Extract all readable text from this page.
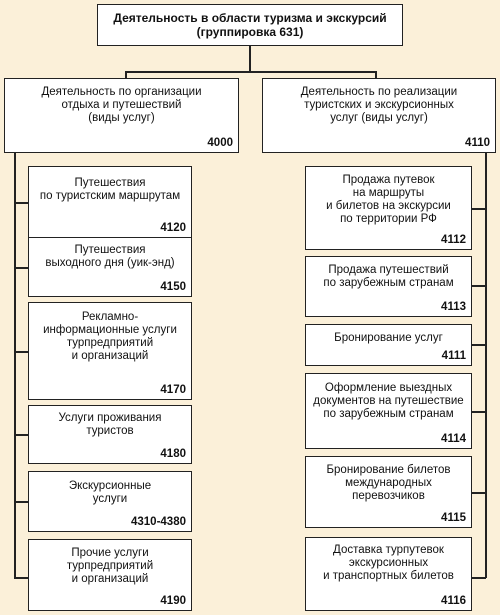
Деятельность в области туризма и экскурсий
(группировка 631)
Деятельность по организации
отдыха и путешествий
(виды услуг)
4000
Деятельность по реализации
туристских и экскурсионных
услуг (виды услуг)
4110
Путешествия
по туристским маршрутам
4120
Путешествия
выходного дня (уик-энд)
4150
Рекламно-
информационные услуги
турпредприятий
и организаций
4170
Услуги проживания
туристов
4180
Экскурсионные
услуги
4310-4380
Прочие услуги
турпредприятий
и организаций
4190
Продажа путевок
на маршруты
и билетов на экскурсии
по территории РФ
4112
Продажа путешествий
по зарубежным странам
4113
Бронирование услуг
4111
Оформление выездных
документов на путешествие
по зарубежным странам
4114
Бронирование билетов
международных
перевозчиков
4115
Доставка турпутевок
экскурсионных
и транспортных билетов
4116
